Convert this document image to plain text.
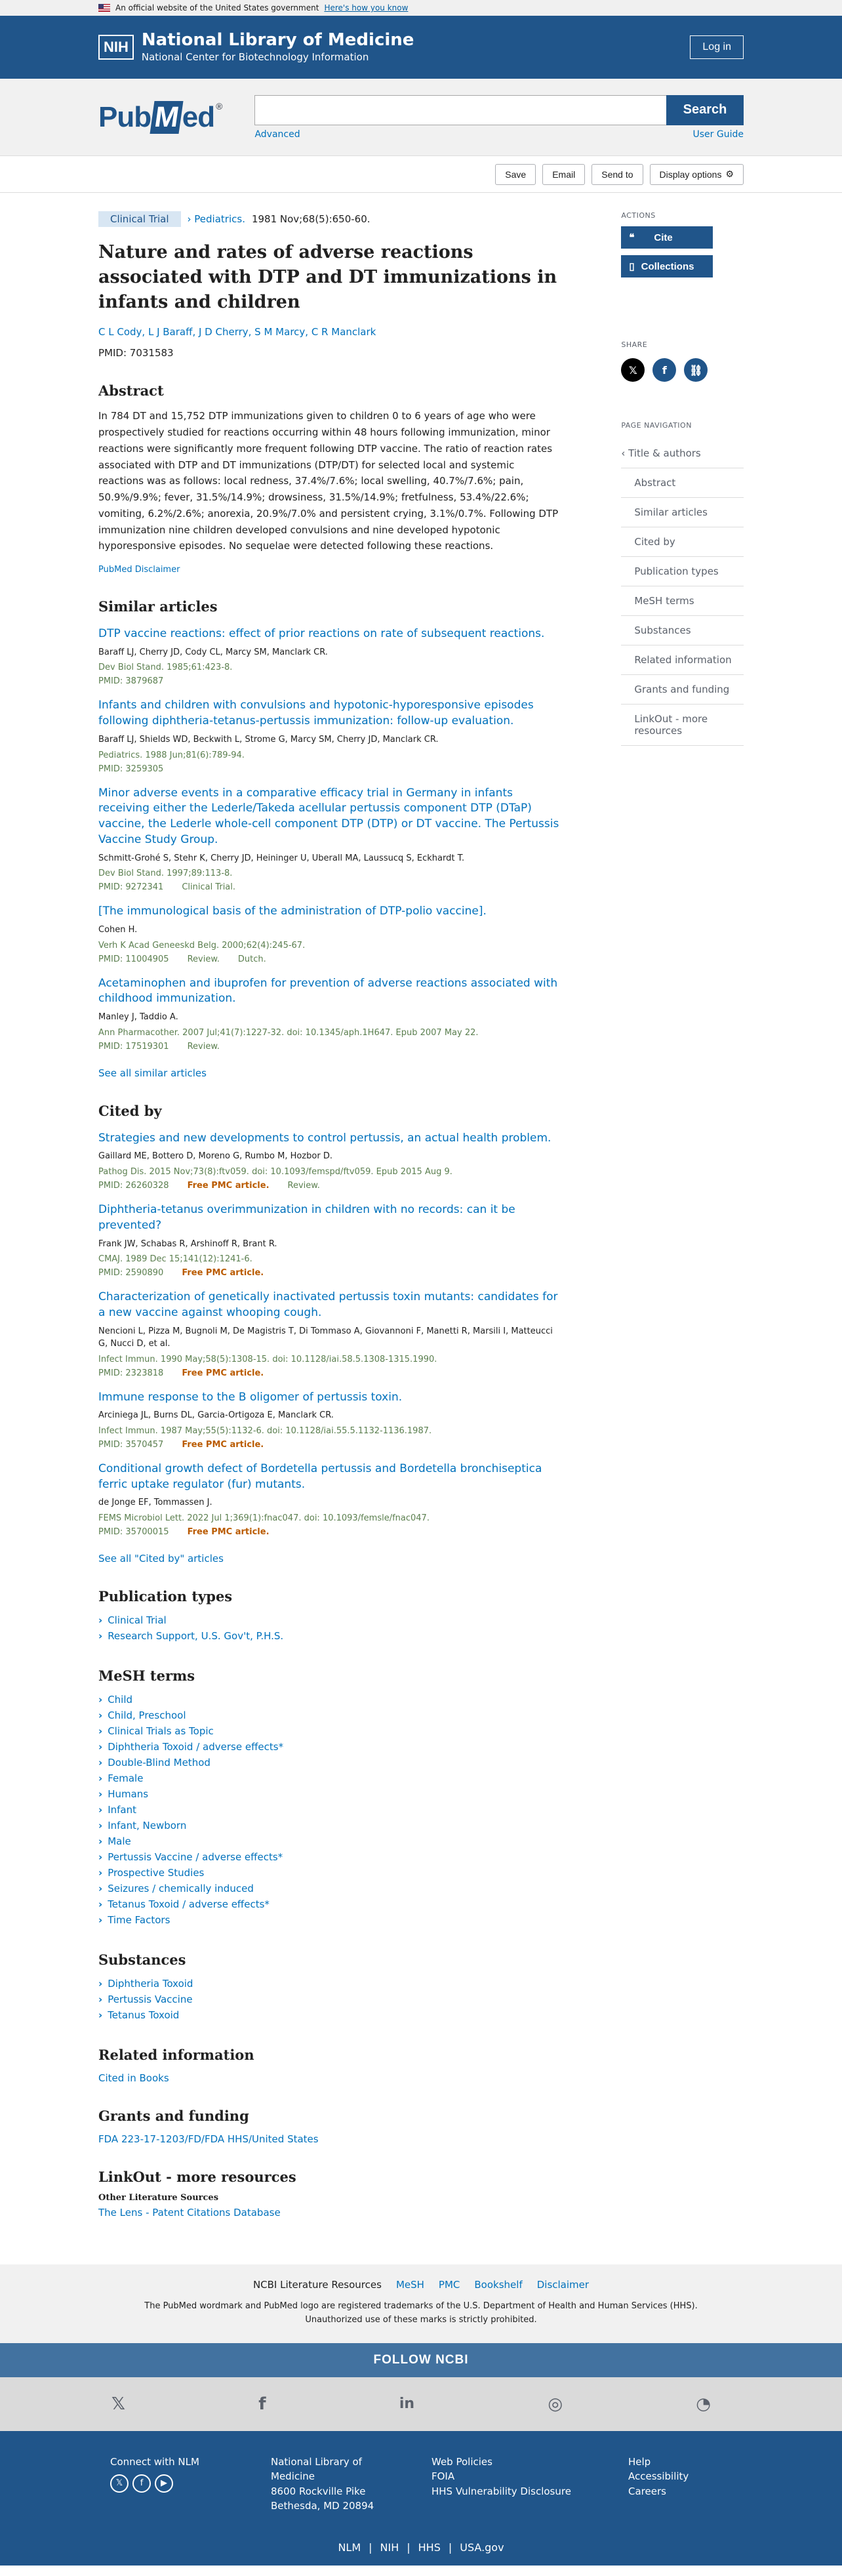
An official website of the United States government Here's how you know
NIH National Library of Medicine
National Center for Biotechnology Information
Log in
Pub M ed®	Search
Advanced	User Guide
Save	Email	Send to	Display options ⚙
Clinical Trial	› Pediatrics. 1981 Nov;68(5):650-60.
Nature and rates of adverse reactions associated with DTP and DT immunizations in infants and children
C L Cody, L J Baraff, J D Cherry, S M Marcy, C R Manclark
PMID: 7031583
Abstract

In 784 DT and 15,752 DTP immunizations given to children 0 to 6 years of age who were prospectively studied for reactions occurring within 48 hours following immunization, minor reactions were significantly more frequent following DTP vaccine. The ratio of reaction rates associated with DTP and DT immunizations (DTP/DT) for selected local and systemic reactions was as follows: local redness, 37.4%/7.6%; local swelling, 40.7%/7.6%; pain, 50.9%/9.9%; fever, 31.5%/14.9%; drowsiness, 31.5%/14.9%; fretfulness, 53.4%/22.6%; vomiting, 6.2%/2.6%; anorexia, 20.9%/7.0% and persistent crying, 3.1%/0.7%. Following DTP immunization nine children developed convulsions and nine developed hypotonic hyporesponsive episodes. No sequelae were detected following these reactions.

PubMed Disclaimer
Similar articles
DTP vaccine reactions: effect of prior reactions on rate of subsequent reactions.
Baraff LJ, Cherry JD, Cody CL, Marcy SM, Manclark CR.
Dev Biol Stand. 1985;61:423-8.
PMID: 3879687
Infants and children with convulsions and hypotonic-hyporesponsive episodes following diphtheria-tetanus-pertussis immunization: follow-up evaluation.
Baraff LJ, Shields WD, Beckwith L, Strome G, Marcy SM, Cherry JD, Manclark CR.
Pediatrics. 1988 Jun;81(6):789-94.
PMID: 3259305
Minor adverse events in a comparative efficacy trial in Germany in infants receiving either the Lederle/Takeda acellular pertussis component DTP (DTaP) vaccine, the Lederle whole-cell component DTP (DTP) or DT vaccine. The Pertussis Vaccine Study Group.
Schmitt-Grohé S, Stehr K, Cherry JD, Heininger U, Uberall MA, Laussucq S, Eckhardt T.
Dev Biol Stand. 1997;89:113-8.
PMID: 9272341 Clinical Trial.
[The immunological basis of the administration of DTP-polio vaccine].
Cohen H.
Verh K Acad Geneeskd Belg. 2000;62(4):245-67.
PMID: 11004905 Review. Dutch.
Acetaminophen and ibuprofen for prevention of adverse reactions associated with childhood immunization.
Manley J, Taddio A.
Ann Pharmacother. 2007 Jul;41(7):1227-32. doi: 10.1345/aph.1H647. Epub 2007 May 22.
PMID: 17519301 Review.
See all similar articles
Cited by
Strategies and new developments to control pertussis, an actual health problem.
Gaillard ME, Bottero D, Moreno G, Rumbo M, Hozbor D.
Pathog Dis. 2015 Nov;73(8):ftv059. doi: 10.1093/femspd/ftv059. Epub 2015 Aug 9.
PMID: 26260328 Free PMC article. Review.
Diphtheria-tetanus overimmunization in children with no records: can it be prevented?
Frank JW, Schabas R, Arshinoff R, Brant R.
CMAJ. 1989 Dec 15;141(12):1241-6.
PMID: 2590890 Free PMC article.
Characterization of genetically inactivated pertussis toxin mutants: candidates for a new vaccine against whooping cough.
Nencioni L, Pizza M, Bugnoli M, De Magistris T, Di Tommaso A, Giovannoni F, Manetti R, Marsili I, Matteucci G, Nucci D, et al.
Infect Immun. 1990 May;58(5):1308-15. doi: 10.1128/iai.58.5.1308-1315.1990.
PMID: 2323818 Free PMC article.
Immune response to the B oligomer of pertussis toxin.
Arciniega JL, Burns DL, Garcia-Ortigoza E, Manclark CR.
Infect Immun. 1987 May;55(5):1132-6. doi: 10.1128/iai.55.5.1132-1136.1987.
PMID: 3570457 Free PMC article.
Conditional growth defect of Bordetella pertussis and Bordetella bronchiseptica ferric uptake regulator (fur) mutants.
de Jonge EF, Tommassen J.
FEMS Microbiol Lett. 2022 Jul 1;369(1):fnac047. doi: 10.1093/femsle/fnac047.
PMID: 35700015 Free PMC article.
See all "Cited by" articles
Publication types
› Clinical Trial
› Research Support, U.S. Gov't, P.H.S.
MeSH terms
› Child
› Child, Preschool
› Clinical Trials as Topic
› Diphtheria Toxoid / adverse effects*
› Double-Blind Method
› Female
› Humans
› Infant
› Infant, Newborn
› Male
› Pertussis Vaccine / adverse effects*
› Prospective Studies
› Seizures / chemically induced
› Tetanus Toxoid / adverse effects*
› Time Factors
Substances
› Diphtheria Toxoid
› Pertussis Vaccine
› Tetanus Toxoid
Related information
Cited in Books
Grants and funding
FDA 223-17-1203/FD/FDA HHS/United States
LinkOut - more resources
Other Literature Sources
The Lens - Patent Citations Database
ACTIONS
❝ Cite
▯ Collections
SHARE
𝕏	f	⛓
PAGE NAVIGATION
‹ Title & authors
Abstract
Similar articles
Cited by
Publication types
MeSH terms
Substances
Related information
Grants and funding
LinkOut - more resources
NCBI Literature Resources MeSH PMC Bookshelf Disclaimer

The PubMed wordmark and PubMed logo are registered trademarks of the U.S. Department of Health and Human Services (HHS). Unauthorized use of these marks is strictly prohibited.

FOLLOW NCBI
𝕏	f	in	◎	◔
Connect with NLM
𝕏 f ▶
National Library of
Medicine
8600 Rockville Pike
Bethesda, MD 20894
Web Policies
FOIA
HHS Vulnerability Disclosure
Help
Accessibility
Careers
NLM | NIH | HHS | USA.gov
